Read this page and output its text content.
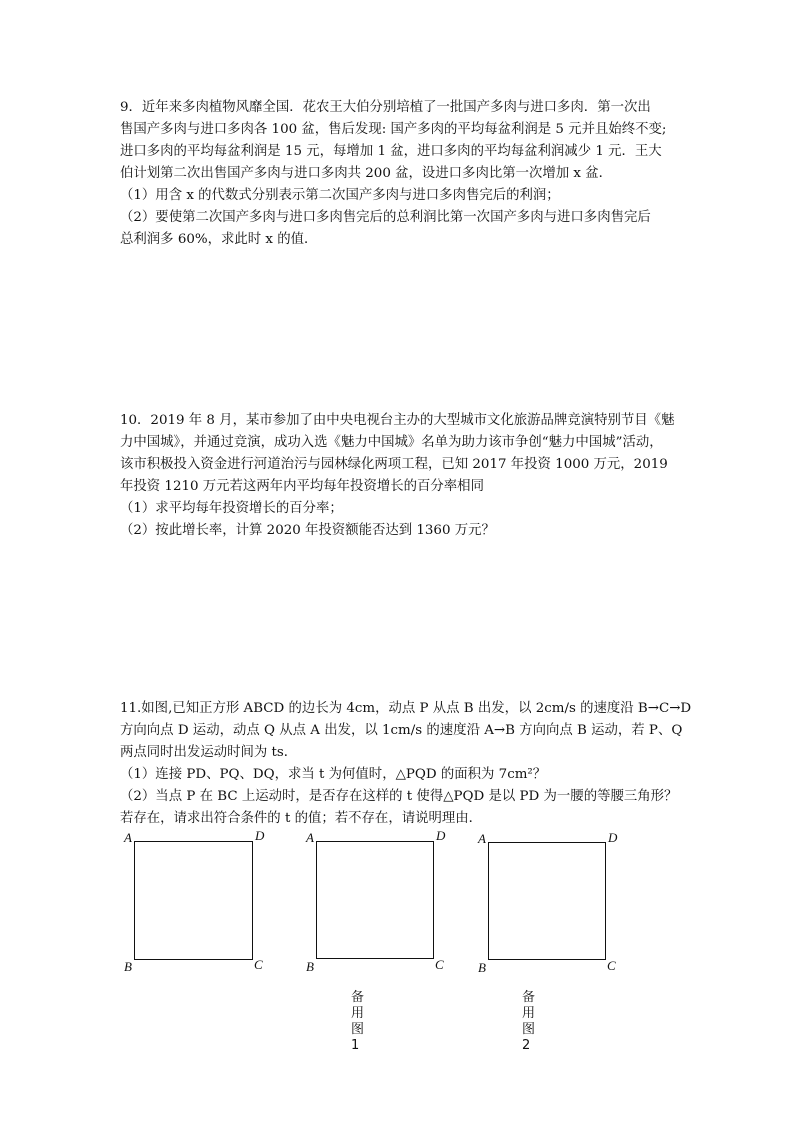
9．近年来多肉植物风靡全国．花农王大伯分别培植了一批国产多肉与进口多肉．第一次出

售国产多肉与进口多肉各 100 盆，售后发现: 国产多肉的平均每盆利润是 5 元并且始终不变;

进口多肉的平均每盆利润是 15 元，每增加 1 盆，进口多肉的平均每盆利润减少 1 元．王大

伯计划第二次出售国产多肉与进口多肉共 200 盆，设进口多肉比第一次增加 x 盆．

（1）用含 x 的代数式分别表示第二次国产多肉与进口多肉售完后的利润；

（2）要使第二次国产多肉与进口多肉售完后的总利润比第一次国产多肉与进口多肉售完后

总利润多 60%，求此时 x 的值．

10．2019 年 8 月，某市参加了由中央电视台主办的大型城市文化旅游品牌竞演特别节目《魅

力中国城》，并通过竞演，成功入选《魅力中国城》名单为助力该市争创“魅力中国城”活动，

该市积极投入资金进行河道治污与园林绿化两项工程，已知 2017 年投资 1000 万元，2019

年投资 1210 万元若这两年内平均每年投资增长的百分率相同

（1）求平均每年投资增长的百分率；

（2）按此增长率，计算 2020 年投资额能否达到 1360 万元？

11.如图,已知正方形 ABCD 的边长为 4cm，动点 P 从点 B 出发，以 2cm/s 的速度沿 B→C→D

方向向点 D 运动，动点 Q 从点 A 出发，以 1cm/s 的速度沿 A→B 方向向点 B 运动，若 P、Q

两点同时出发运动时间为 ts．

（1）连接 PD、PQ、DQ，求当 t 为何值时，△PQD 的面积为 7cm²？

（2）当点 P 在 BC 上运动时，是否存在这样的 t 使得△PQD 是以 PD 为一腰的等腰三角形？

若存在，请求出符合条件的 t 的值；若不存在，请说明理由．

A	D
B	C
A	D
B	C
备用图1
A	D
B	C
备用图2
